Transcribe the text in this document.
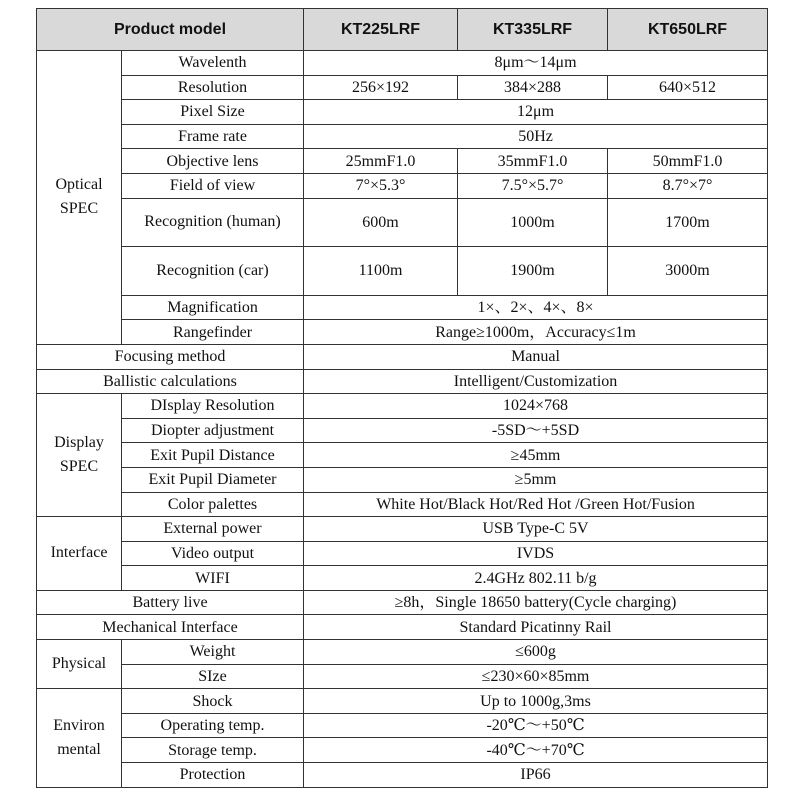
Product model		KT225LRF	KT335LRF	KT650LRF
Optical SPEC	Wavelenth	8μm～14μm		
	Resolution	256×192	384×288	640×512
	Pixel Size	12μm		
	Frame rate	50Hz		
	Objective lens	25mmF1.0	35mmF1.0	50mmF1.0
	Field of view	7°×5.3°	7.5°×5.7°	8.7°×7°
	Recognition (human)	600m	1000m	1700m
	Recognition (car)	1100m	1900m	3000m
	Magnification	1×、2×、4×、8×		
	Rangefinder	Range≥1000m，Accuracy≤1m		
Focusing method		Manual		
Ballistic calculations		Intelligent/Customization		
Display SPEC	DIsplay Resolution	1024×768		
	Diopter adjustment	-5SD～+5SD		
	Exit Pupil Distance	≥45mm		
	Exit Pupil Diameter	≥5mm		
	Color palettes	White Hot/Black Hot/Red Hot /Green Hot/Fusion		
Interface	External power	USB Type-C 5V		
	Video output	IVDS		
	WIFI	2.4GHz 802.11 b/g		
Battery live		≥8h，Single 18650 battery(Cycle charging)		
Mechanical Interface		Standard Picatinny Rail		
Physical	Weight	≤600g		
	SIze	≤230×60×85mm		
Environ mental	Shock	Up to 1000g,3ms		
	Operating temp.	-20℃～+50℃		
	Storage temp.	-40℃～+70℃		
	Protection	IP66		
